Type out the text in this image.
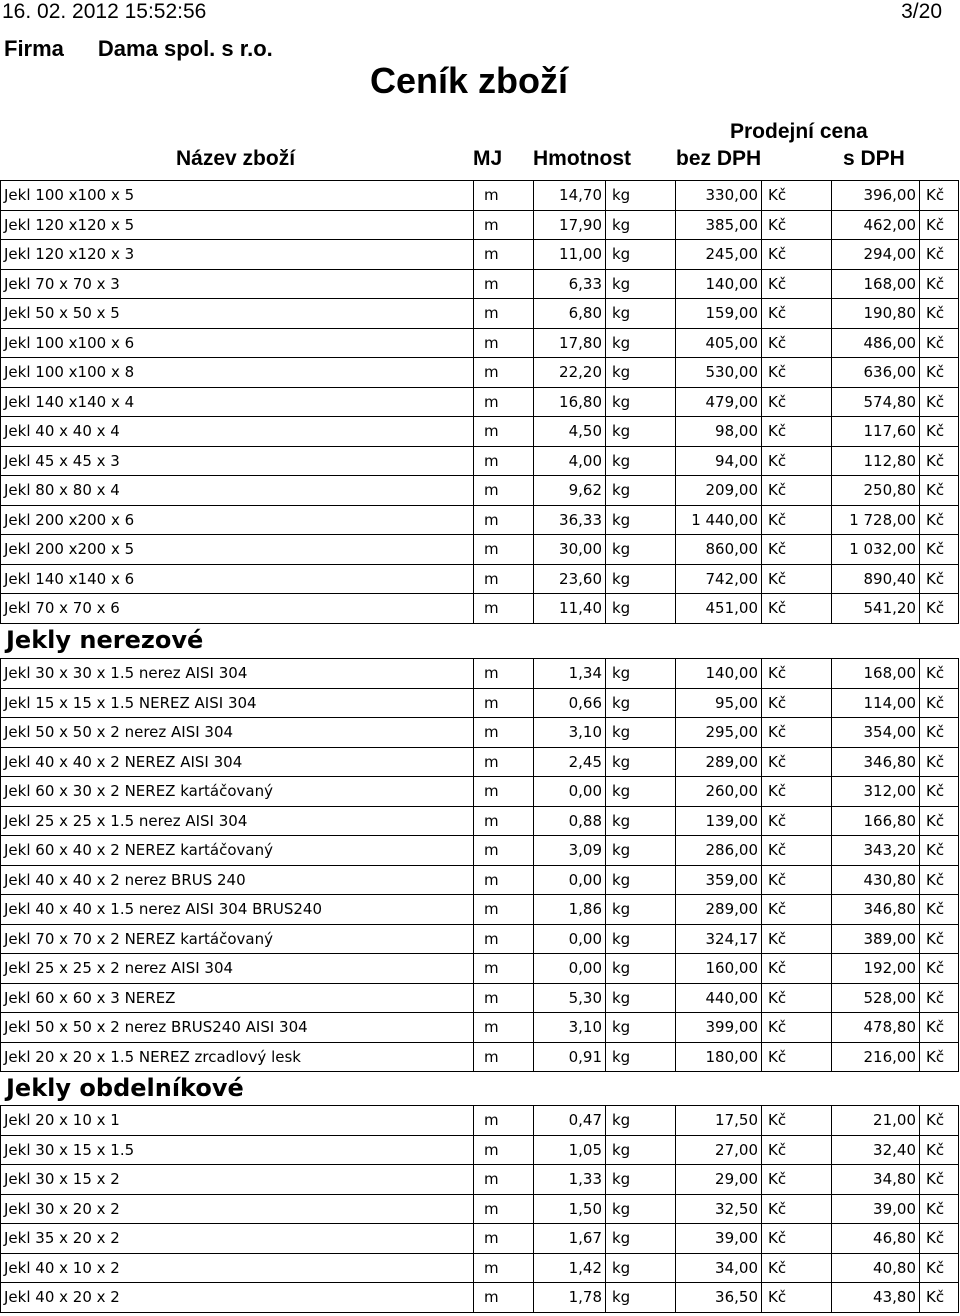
16. 02. 2012 15:52:56	3/20
Firma Dama spol. s r.o.
Ceník zboží
Prodejní cena
Název zboží	MJ Hmotnost bez DPH	s DPH
Jekl 100 x100 x 5	m	14,70	kg	330,00	Kč	396,00	Kč
Jekl 120 x120 x 5	m	17,90	kg	385,00	Kč	462,00	Kč
Jekl 120 x120 x 3	m	11,00	kg	245,00	Kč	294,00	Kč
Jekl 70 x 70 x 3	m	6,33	kg	140,00	Kč	168,00	Kč
Jekl 50 x 50 x 5	m	6,80	kg	159,00	Kč	190,80	Kč
Jekl 100 x100 x 6	m	17,80	kg	405,00	Kč	486,00	Kč
Jekl 100 x100 x 8	m	22,20	kg	530,00	Kč	636,00	Kč
Jekl 140 x140 x 4	m	16,80	kg	479,00	Kč	574,80	Kč
Jekl 40 x 40 x 4	m	4,50	kg	98,00	Kč	117,60	Kč
Jekl 45 x 45 x 3	m	4,00	kg	94,00	Kč	112,80	Kč
Jekl 80 x 80 x 4	m	9,62	kg	209,00	Kč	250,80	Kč
Jekl 200 x200 x 6	m	36,33	kg	1 440,00	Kč	1 728,00	Kč
Jekl 200 x200 x 5	m	30,00	kg	860,00	Kč	1 032,00	Kč
Jekl 140 x140 x 6	m	23,60	kg	742,00	Kč	890,40	Kč
Jekl 70 x 70 x 6	m	11,40	kg	451,00	Kč	541,20	Kč
Jekly nerezové
Jekl 30 x 30 x 1.5 nerez AISI 304	m	1,34	kg	140,00	Kč	168,00	Kč
Jekl 15 x 15 x 1.5 NEREZ AISI 304	m	0,66	kg	95,00	Kč	114,00	Kč
Jekl 50 x 50 x 2 nerez AISI 304	m	3,10	kg	295,00	Kč	354,00	Kč
Jekl 40 x 40 x 2 NEREZ AISI 304	m	2,45	kg	289,00	Kč	346,80	Kč
Jekl 60 x 30 x 2 NEREZ kartáčovaný	m	0,00	kg	260,00	Kč	312,00	Kč
Jekl 25 x 25 x 1.5 nerez AISI 304	m	0,88	kg	139,00	Kč	166,80	Kč
Jekl 60 x 40 x 2 NEREZ kartáčovaný	m	3,09	kg	286,00	Kč	343,20	Kč
Jekl 40 x 40 x 2 nerez BRUS 240	m	0,00	kg	359,00	Kč	430,80	Kč
Jekl 40 x 40 x 1.5 nerez AISI 304 BRUS240	m	1,86	kg	289,00	Kč	346,80	Kč
Jekl 70 x 70 x 2 NEREZ kartáčovaný	m	0,00	kg	324,17	Kč	389,00	Kč
Jekl 25 x 25 x 2 nerez AISI 304	m	0,00	kg	160,00	Kč	192,00	Kč
Jekl 60 x 60 x 3 NEREZ	m	5,30	kg	440,00	Kč	528,00	Kč
Jekl 50 x 50 x 2 nerez BRUS240 AISI 304	m	3,10	kg	399,00	Kč	478,80	Kč
Jekl 20 x 20 x 1.5 NEREZ zrcadlový lesk	m	0,91	kg	180,00	Kč	216,00	Kč
Jekly obdelníkové
Jekl 20 x 10 x 1	m	0,47	kg	17,50	Kč	21,00	Kč
Jekl 30 x 15 x 1.5	m	1,05	kg	27,00	Kč	32,40	Kč
Jekl 30 x 15 x 2	m	1,33	kg	29,00	Kč	34,80	Kč
Jekl 30 x 20 x 2	m	1,50	kg	32,50	Kč	39,00	Kč
Jekl 35 x 20 x 2	m	1,67	kg	39,00	Kč	46,80	Kč
Jekl 40 x 10 x 2	m	1,42	kg	34,00	Kč	40,80	Kč
Jekl 40 x 20 x 2	m	1,78	kg	36,50	Kč	43,80	Kč
